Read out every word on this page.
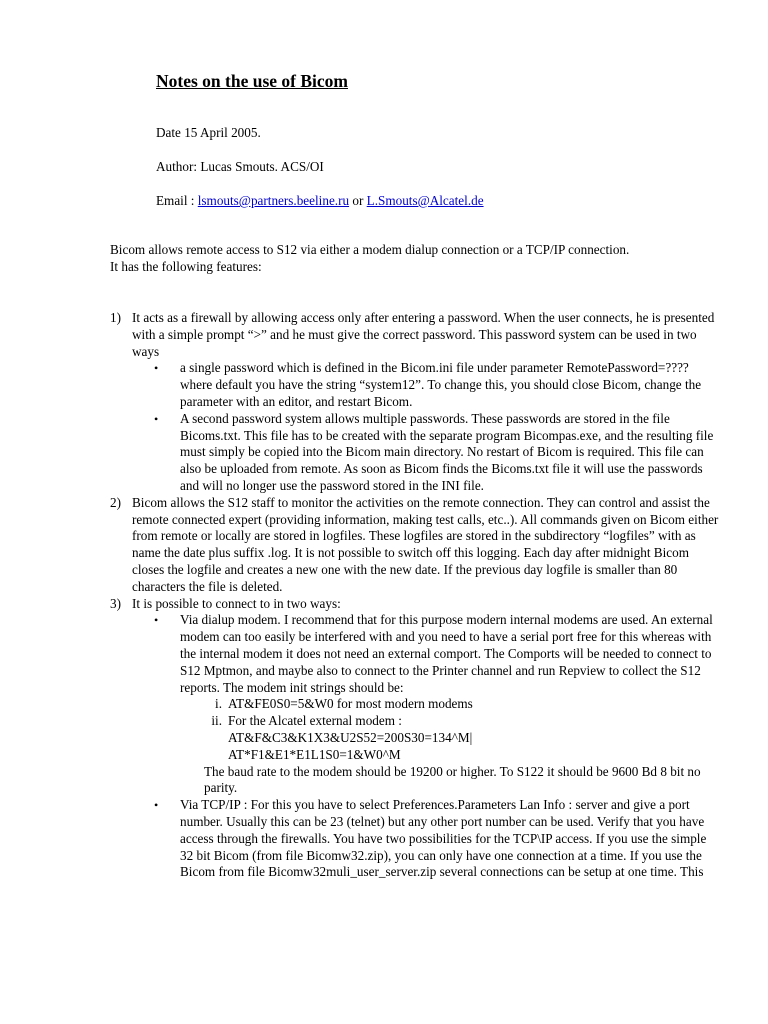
Notes on the use of Bicom

Date 15 April 2005.

Author: Lucas Smouts. ACS/OI

Email : lsmouts@partners.beeline.ru or L.Smouts@Alcatel.de

Bicom allows remote access to S12 via either a modem dialup connection or a TCP/IP connection.

It has the following features:

1) It acts as a firewall by allowing access only after entering a password. When the user connects, he is presented with a simple prompt “>” and he must give the correct password. This password system can be used in two ways
• a single password which is defined in the Bicom.ini file under parameter RemotePassword=???? where default you have the string “system12”. To change this, you should close Bicom, change the parameter with an editor, and restart Bicom.
• A second password system allows multiple passwords. These passwords are stored in the file Bicoms.txt. This file has to be created with the separate program Bicompas.exe, and the resulting file must simply be copied into the Bicom main directory. No restart of Bicom is required. This file can also be uploaded from remote. As soon as Bicom finds the Bicoms.txt file it will use the passwords and will no longer use the password stored in the INI file.
2) Bicom allows the S12 staff to monitor the activities on the remote connection. They can control and assist the remote connected expert (providing information, making test calls, etc..). All commands given on Bicom either from remote or locally are stored in logfiles. These logfiles are stored in the subdirectory “logfiles” with as name the date plus suffix .log. It is not possible to switch off this logging. Each day after midnight Bicom closes the logfile and creates a new one with the new date. If the previous day logfile is smaller than 80 characters the file is deleted.
3) It is possible to connect to in two ways:
• Via dialup modem. I recommend that for this purpose modern internal modems are used. An external modem can too easily be interfered with and you need to have a serial port free for this whereas with the internal modem it does not need an external comport. The Comports will be needed to connect to S12 Mptmon, and maybe also to connect to the Printer channel and run Repview to collect the S12 reports. The modem init strings should be:
i. AT&FE0S0=5&W0 for most modern modems
ii. For the Alcatel external modem :
AT&F&C3&K1X3&U2S52=200S30=134^M|
AT*F1&E1*E1L1S0=1&W0^M

The baud rate to the modem should be 19200 or higher. To S122 it should be 9600 Bd 8 bit no parity.

• Via TCP/IP : For this you have to select Preferences.Parameters Lan Info : server and give a port number. Usually this can be 23 (telnet) but any other port number can be used. Verify that you have access through the firewalls. You have two possibilities for the TCP\IP access. If you use the simple 32 bit Bicom (from file Bicomw32.zip), you can only have one connection at a time. If you use the Bicom from file Bicomw32muli_user_server.zip several connections can be setup at one time. This
